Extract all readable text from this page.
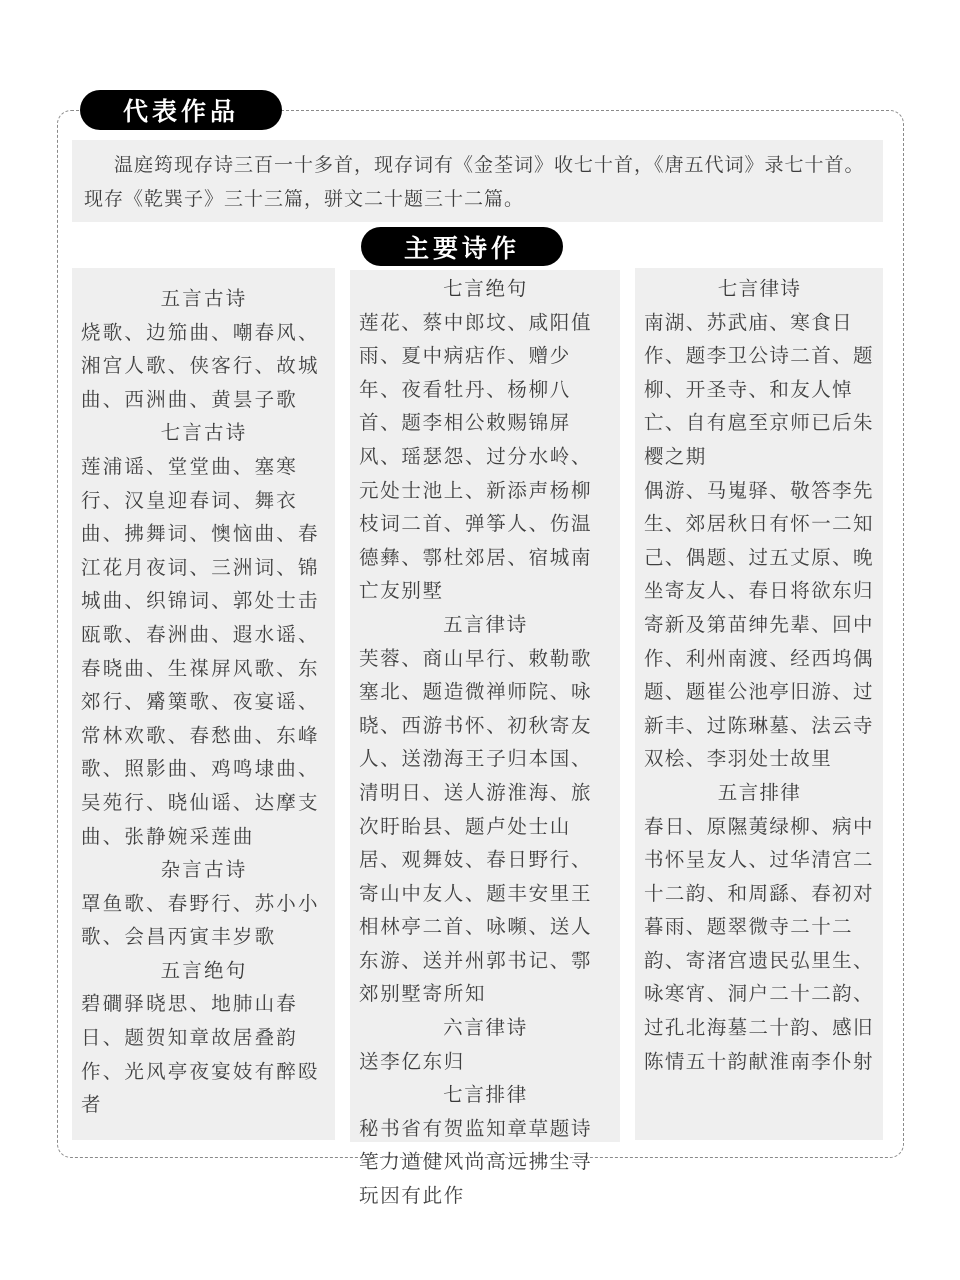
代表作品

温庭筠现存诗三百一十多首，现存词有《金荃词》收七十首，《唐五代词》录七十首。现存《乾巽子》三十三篇，骈文二十题三十二篇。

主要诗作
五言古诗
烧歌、边笳曲、嘲春风、湘宫人歌、侠客行、故城曲、西洲曲、黄昙子歌
七言古诗
莲浦谣、堂堂曲、塞寒行、汉皇迎春词、舞衣曲、拂舞词、懊恼曲、春江花月夜词、三洲词、锦城曲、织锦词、郭处士击瓯歌、春洲曲、遐水谣、春晓曲、生禖屏风歌、东郊行、觱篥歌、夜宴谣、常林欢歌、春愁曲、东峰歌、照影曲、鸡鸣埭曲、吴苑行、晓仙谣、达摩支曲、张静婉采莲曲
杂言古诗
罩鱼歌、春野行、苏小小歌、会昌丙寅丰岁歌
五言绝句
碧磵驿晓思、地肺山春日、题贺知章故居叠韵作、光风亭夜宴妓有醉殴者
七言绝句
莲花、蔡中郎坟、咸阳值雨、夏中病痁作、赠少年、夜看牡丹、杨柳八首、题李相公敕赐锦屏风、瑶瑟怨、过分水岭、元处士池上、新添声杨柳枝词二首、弹筝人、伤温德彝、鄠杜郊居、宿城南亡友别墅
五言律诗
芙蓉、商山早行、敕勒歌塞北、题造微禅师院、咏晓、西游书怀、初秋寄友人、送渤海王子归本国、清明日、送人游淮海、旅次盱眙县、题卢处士山居、观舞妓、春日野行、寄山中友人、题丰安里王相林亭二首、咏嚬、送人东游、送并州郭书记、鄠郊别墅寄所知
六言律诗
送李亿东归
七言排律
秘书省有贺监知章草题诗笔力遒健风尚高远拂尘寻玩因有此作
七言律诗
南湖、苏武庙、寒食日作、题李卫公诗二首、题柳、开圣寺、和友人悼亡、自有扈至京师已后朱樱之期
偶游、马嵬驿、敬答李先生、郊居秋日有怀一二知己、偶题、过五丈原、晚坐寄友人、春日将欲东归寄新及第苗绅先辈、回中作、利州南渡、经西坞偶题、题崔公池亭旧游、过新丰、过陈琳墓、法云寺双桧、李羽处士故里
五言排律
春日、原隰荑绿柳、病中书怀呈友人、过华清宫二十二韵、和周繇、春初对暮雨、题翠微寺二十二韵、寄渚宫遗民弘里生、咏寒宵、洞户二十二韵、过孔北海墓二十韵、感旧陈情五十韵献淮南李仆射
